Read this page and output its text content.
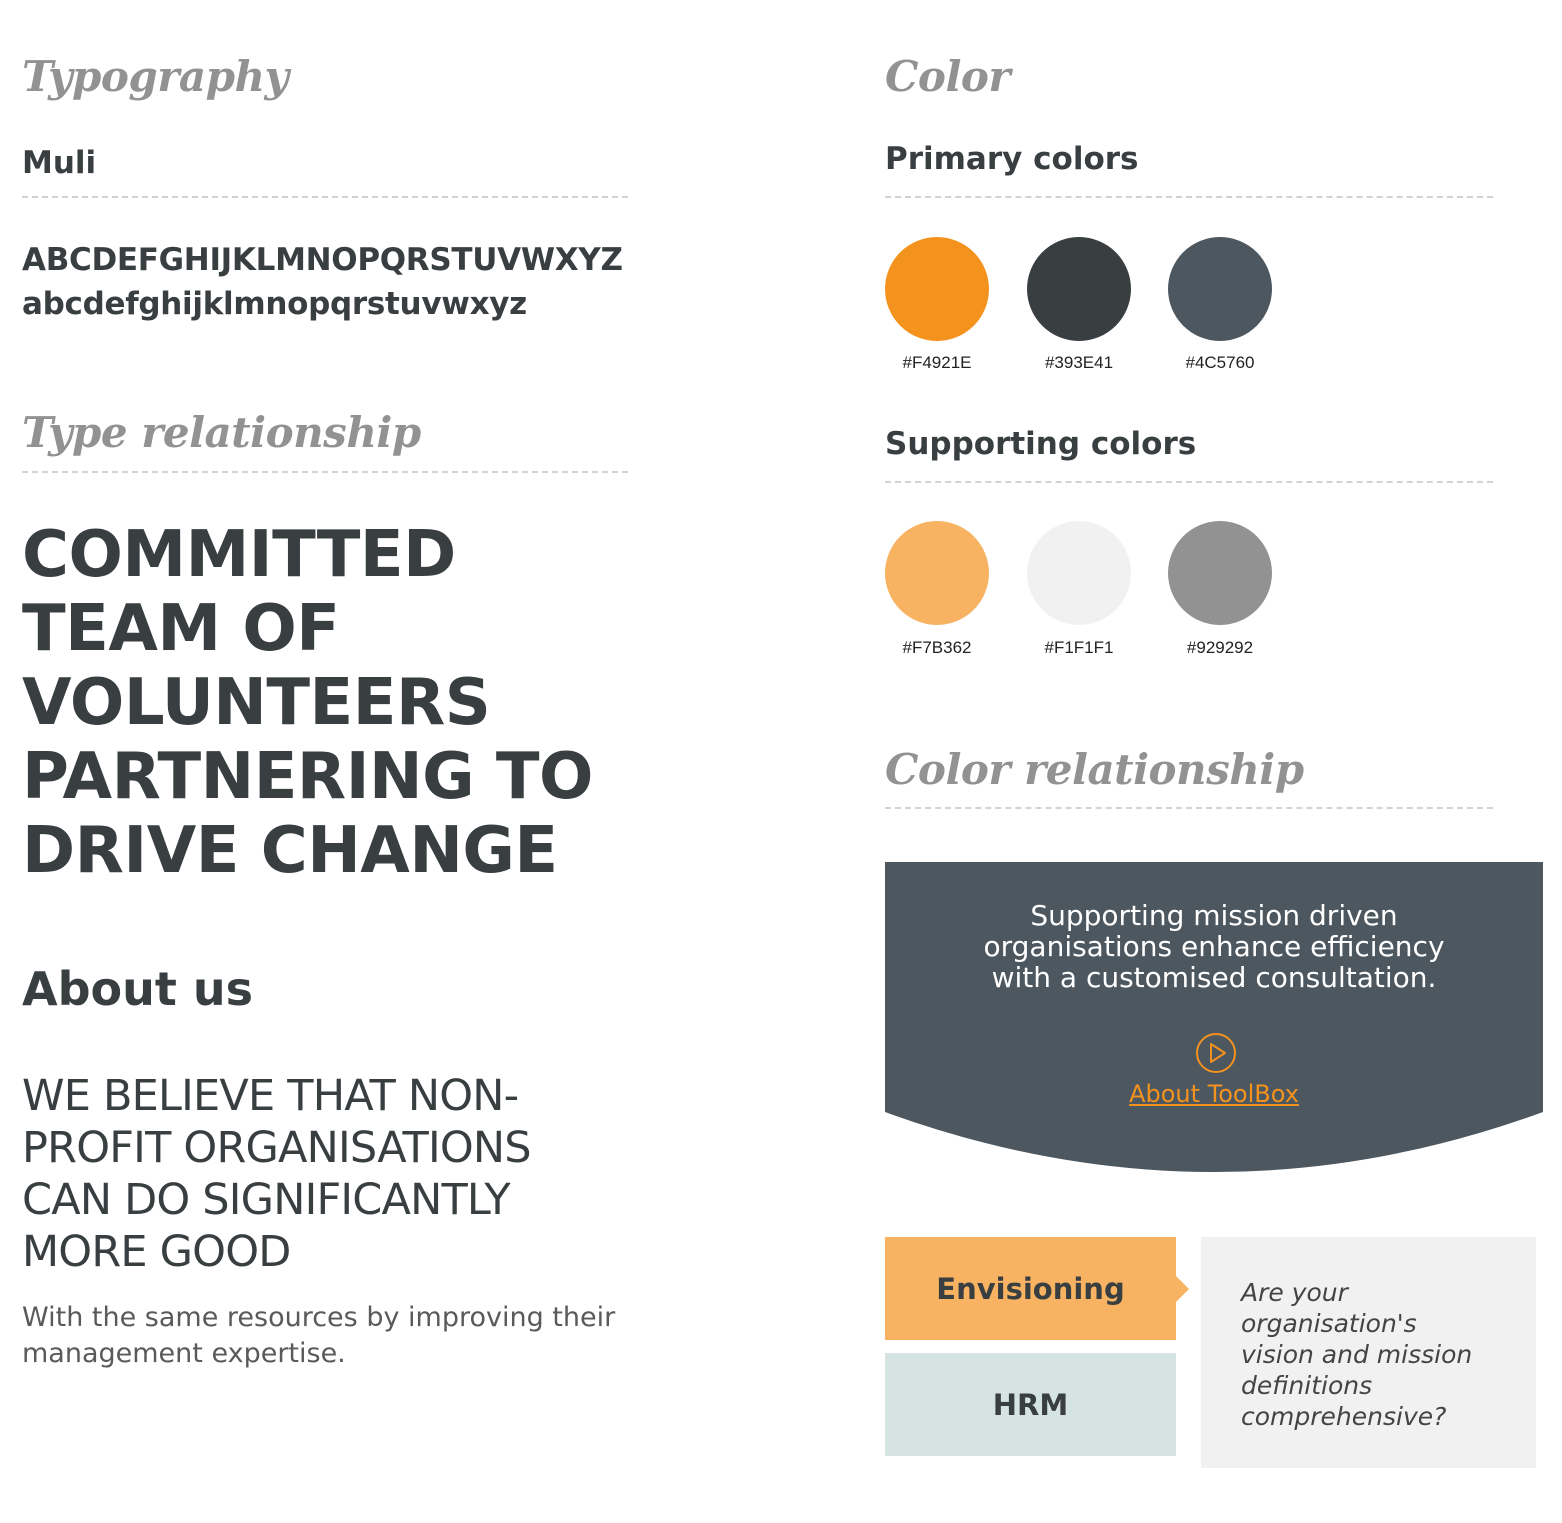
Typography
Muli
ABCDEFGHIJKLMNOPQRSTUVWXYZ
abcdefghijklmnopqrstuvwxyz
Type relationship
COMMITTED
TEAM OF
VOLUNTEERS
PARTNERING TO
DRIVE CHANGE
About us
WE BELIEVE THAT NON-
PROFIT ORGANISATIONS
CAN DO SIGNIFICANTLY
MORE GOOD
With the same resources by improving their
management expertise.
Color
Primary colors
#F4921E	#393E41	#4C5760
Supporting colors
#F7B362	#F1F1F1	#929292
Color relationship
Supporting mission driven
organisations enhance efficiency
with a customised consultation.
About ToolBox
Envisioning
HRM
Are your
organisation's
vision and mission
definitions
comprehensive?
